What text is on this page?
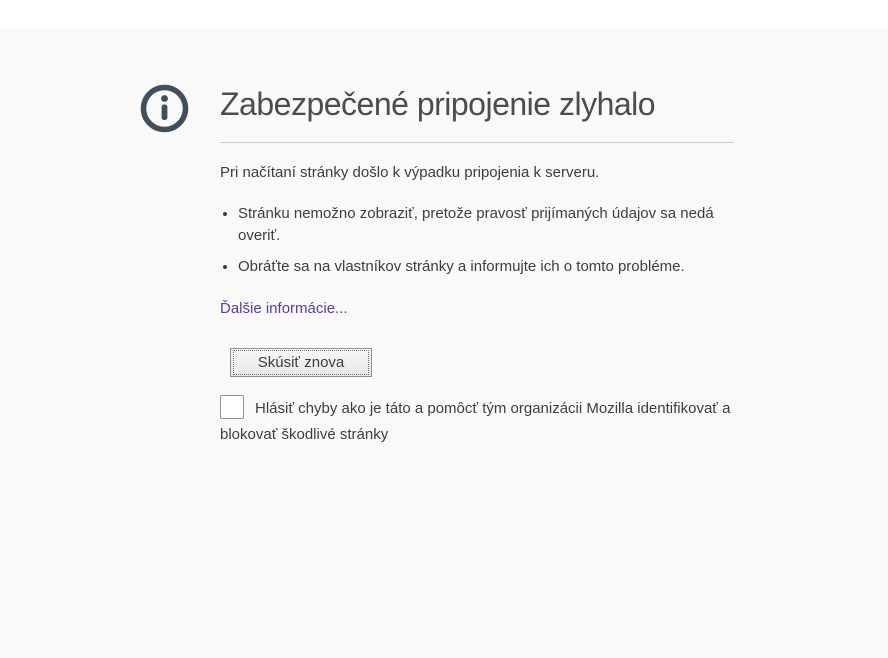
Zabezpečené pripojenie zlyhalo

Pri načítaní stránky došlo k výpadku pripojenia k serveru.

• Stránku nemožno zobraziť, pretože pravosť prijímaných údajov sa nedá overiť.
• Obráťte sa na vlastníkov stránky a informujte ich o tomto probléme.
Ďalšie informácie...
Skúsiť znova
Hlásiť chyby ako je táto a pomôcť tým organizácii Mozilla identifikovať a blokovať škodlivé stránky
